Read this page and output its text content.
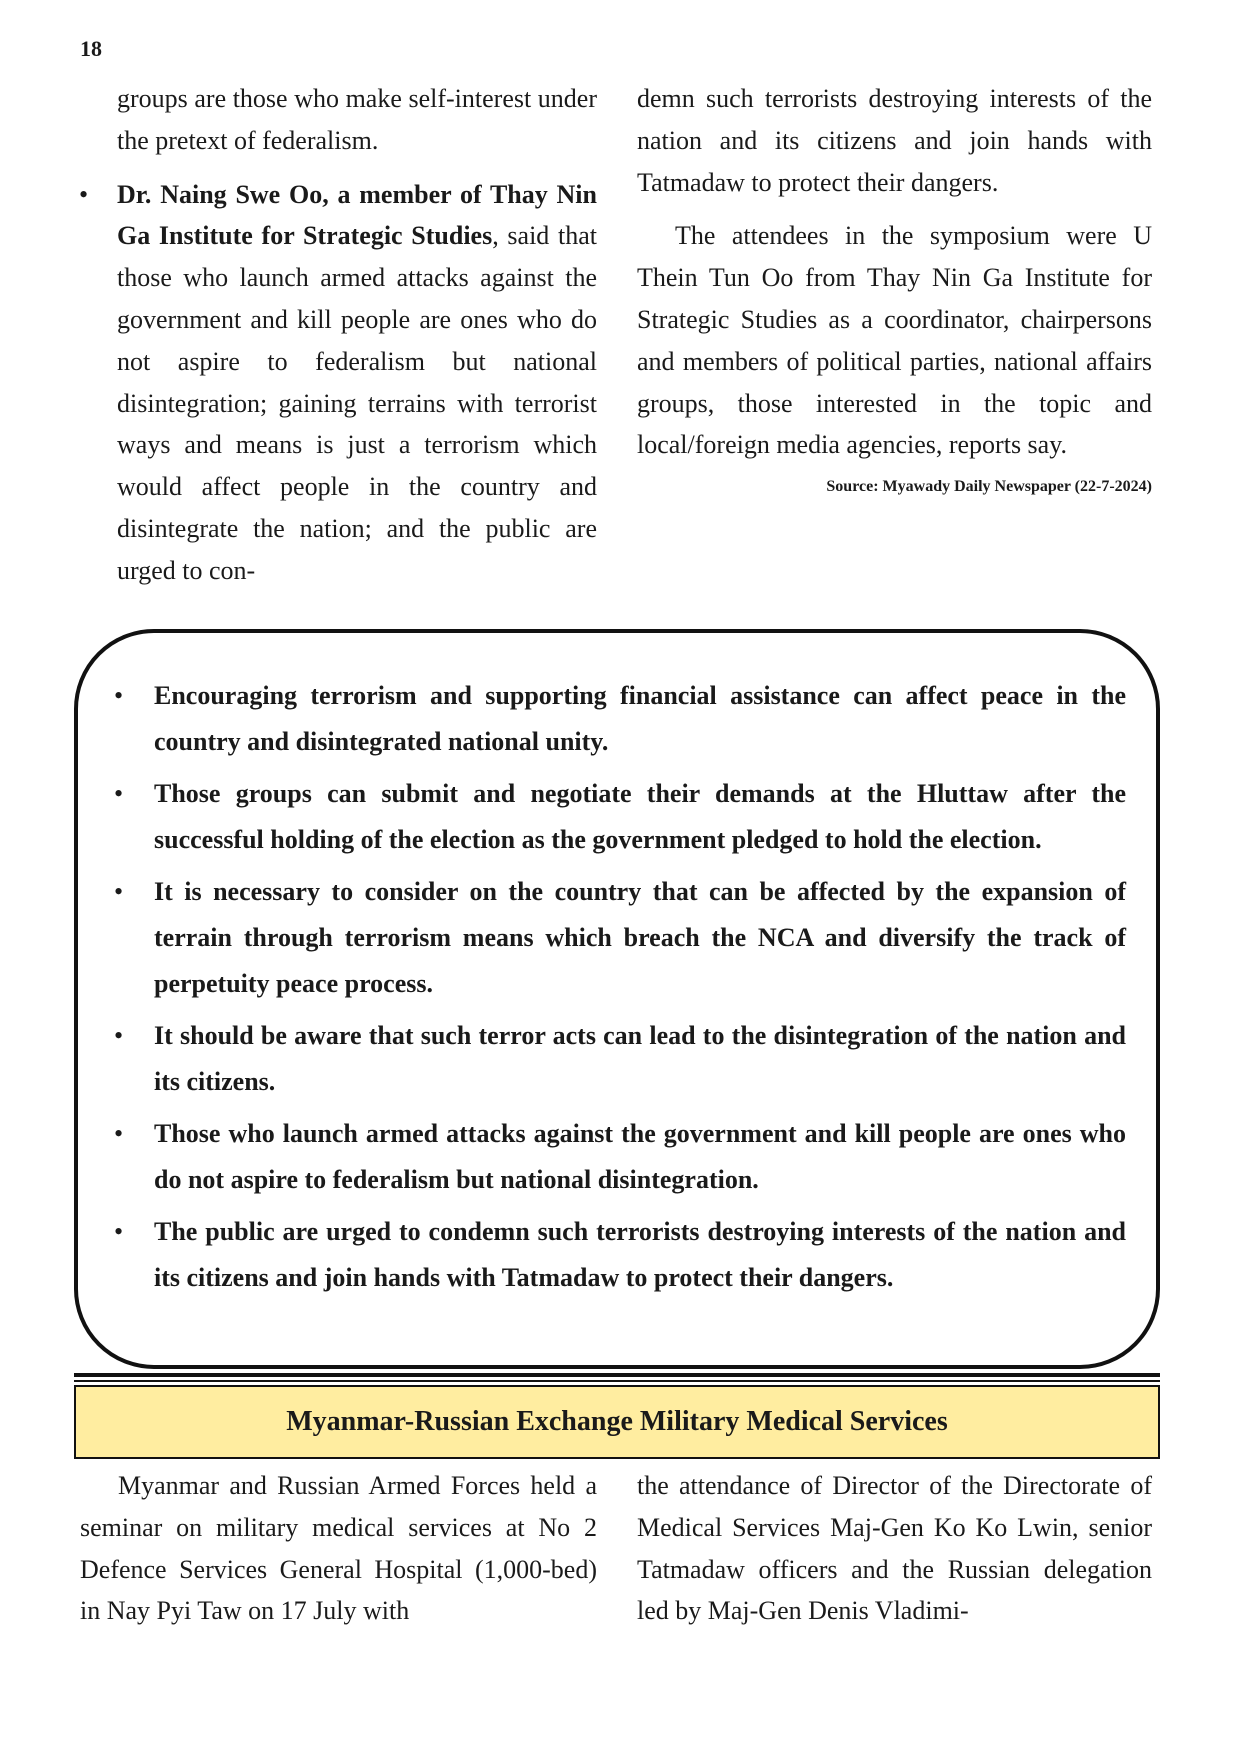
18

groups are those who make self-interest under the pretext of federalism.

• Dr. Naing Swe Oo, a member of Thay Nin Ga Institute for Strategic Studies, said that those who launch armed attacks against the government and kill people are ones who do not aspire to federalism but national disintegration; gaining terrains with terrorist ways and means is just a terrorism which would affect people in the country and disintegrate the nation; and the public are urged to con-

demn such terrorists destroying interests of the nation and its citizens and join hands with Tatmadaw to protect their dangers.

The attendees in the symposium were U Thein Tun Oo from Thay Nin Ga Institute for Strategic Studies as a coordinator, chairpersons and members of political parties, national affairs groups, those interested in the topic and local/foreign media agencies, reports say.

Source: Myawady Daily Newspaper (22-7-2024)

• Encouraging terrorism and supporting financial assistance can affect peace in the country and disintegrated national unity.
• Those groups can submit and negotiate their demands at the Hluttaw after the successful holding of the election as the government pledged to hold the election.
• It is necessary to consider on the country that can be affected by the expansion of terrain through terrorism means which breach the NCA and diversify the track of perpetuity peace process.
• It should be aware that such terror acts can lead to the disintegration of the nation and its citizens.
• Those who launch armed attacks against the government and kill people are ones who do not aspire to federalism but national disintegration.
• The public are urged to condemn such terrorists destroying interests of the nation and its citizens and join hands with Tatmadaw to protect their dangers.
Myanmar-Russian Exchange Military Medical Services

Myanmar and Russian Armed Forces held a seminar on military medical services at No 2 Defence Services General Hospital (1,000-bed) in Nay Pyi Taw on 17 July with

the attendance of Director of the Directorate of Medical Services Maj-Gen Ko Ko Lwin, senior Tatmadaw officers and the Russian delegation led by Maj-Gen Denis Vladimi-
